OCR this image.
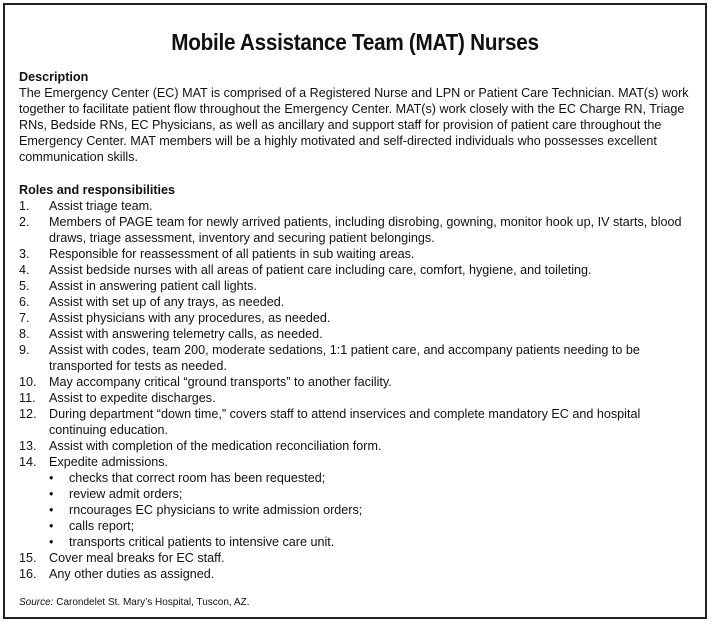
Mobile Assistance Team (MAT) Nurses
Description

The Emergency Center (EC) MAT is comprised of a Registered Nurse and LPN or Patient Care Technician. MAT(s) work together to facilitate patient flow throughout the Emergency Center. MAT(s) work closely with the EC Charge RN, Triage RNs, Bedside RNs, EC Physicians, as well as ancillary and support staff for provision of patient care throughout the Emergency Center. MAT members will be a highly motivated and self-directed individuals who possesses excellent communication skills.

Roles and responsibilities
1. Assist triage team.
2. Members of PAGE team for newly arrived patients, including disrobing, gowning, monitor hook up, IV starts, blood draws, triage assessment, inventory and securing patient belongings.
3. Responsible for reassessment of all patients in sub waiting areas.
4. Assist bedside nurses with all areas of patient care including care, comfort, hygiene, and toileting.
5. Assist in answering patient call lights.
6. Assist with set up of any trays, as needed.
7. Assist physicians with any procedures, as needed.
8. Assist with answering telemetry calls, as needed.
9. Assist with codes, team 200, moderate sedations, 1:1 patient care, and accompany patients needing to be transported for tests as needed.
10. May accompany critical “ground transports” to another facility.
11. Assist to expedite discharges.
12. During department “down time,” covers staff to attend inservices and complete mandatory EC and hospital continuing education.
13. Assist with completion of the medication reconciliation form.
14. Expedite admissions.
• checks that correct room has been requested;
• review admit orders;
• rncourages EC physicians to write admission orders;
• calls report;
• transports critical patients to intensive care unit.
15. Cover meal breaks for EC staff.
16. Any other duties as assigned.
Source: Carondelet St. Mary’s Hospital, Tuscon, AZ.
